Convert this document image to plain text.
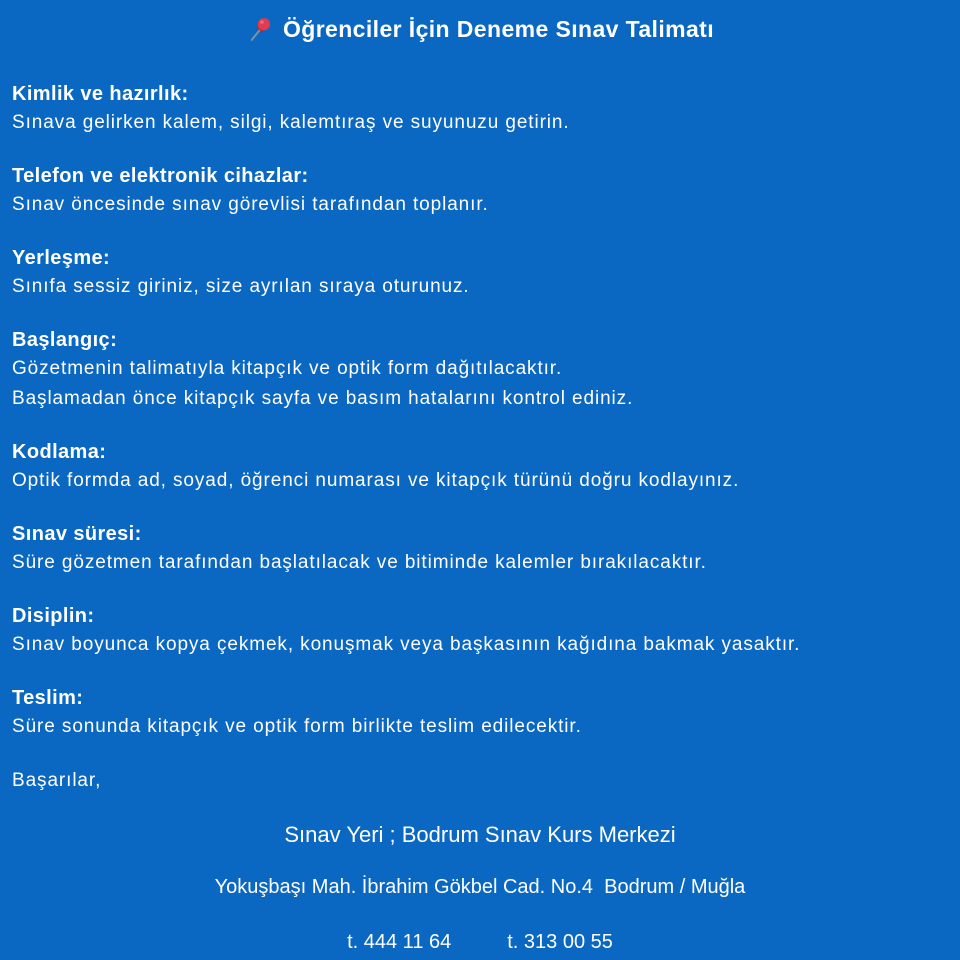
Öğrenciler İçin Deneme Sınav Talimatı
Kimlik ve hazırlık:
Sınava gelirken kalem, silgi, kalemtıraş ve suyunuzu getirin.
Telefon ve elektronik cihazlar:
Sınav öncesinde sınav görevlisi tarafından toplanır.
Yerleşme:
Sınıfa sessiz giriniz, size ayrılan sıraya oturunuz.
Başlangıç:
Gözetmenin talimatıyla kitapçık ve optik form dağıtılacaktır.
Başlamadan önce kitapçık sayfa ve basım hatalarını kontrol ediniz.
Kodlama:
Optik formda ad, soyad, öğrenci numarası ve kitapçık türünü doğru kodlayınız.
Sınav süresi:
Süre gözetmen tarafından başlatılacak ve bitiminde kalemler bırakılacaktır.
Disiplin:
Sınav boyunca kopya çekmek, konuşmak veya başkasının kağıdına bakmak yasaktır.
Teslim:
Süre sonunda kitapçık ve optik form birlikte teslim edilecektir.
Başarılar,
Sınav Yeri ; Bodrum Sınav Kurs Merkezi
Yokuşbaşı Mah. İbrahim Gökbel Cad. No.4  Bodrum / Muğla
t. 444 11 64	t. 313 00 55
